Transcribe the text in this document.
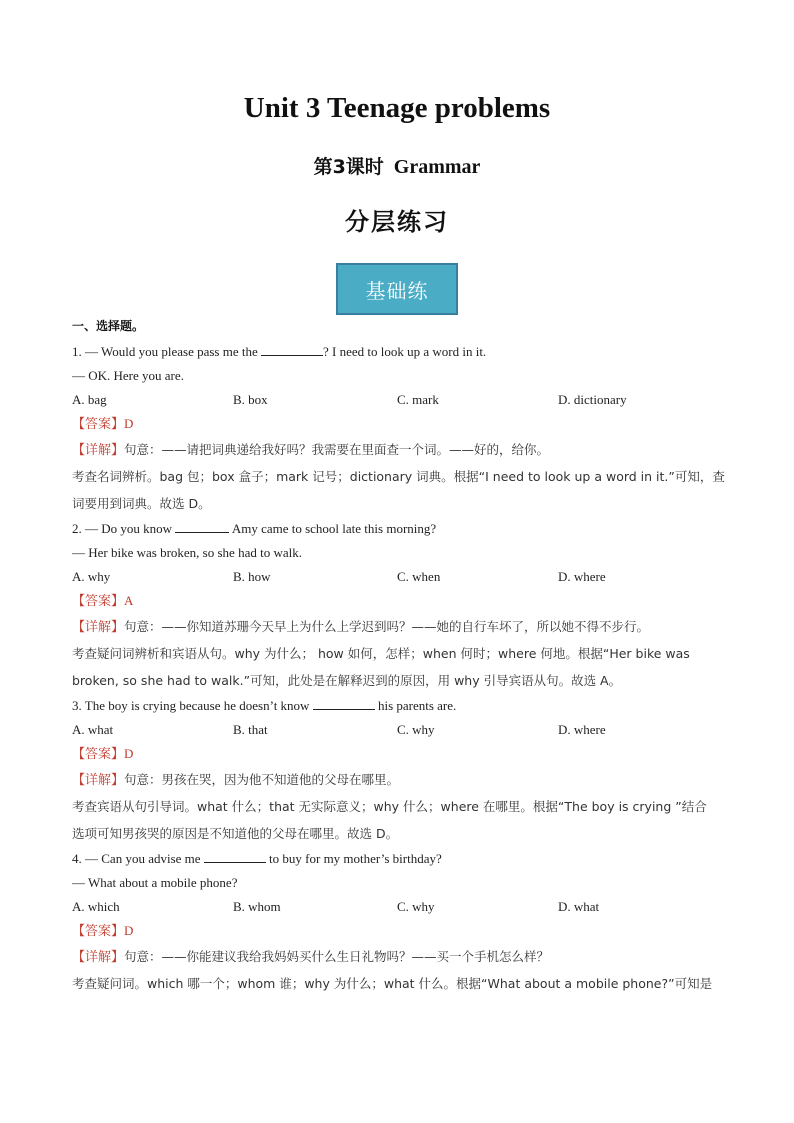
Unit 3 Teenage problems
第3课时 Grammar
分层练习
基础练
一、选择题。
1. — Would you please pass me the	? I need to look up a word in it.
— OK. Here you are.
A. bag	B. box	C. mark	D. dictionary
【答案】D
【详解】句意：——请把词典递给我好吗？我需要在里面查一个词。——好的，给你。
考查名词辨析。bag 包；box 盒子；mark 记号；dictionary 词典。根据“I need to look up a word in it.”可知，查
词要用到词典。故选 D。
2. — Do you know	Amy came to school late this morning?
— Her bike was broken, so she had to walk.
A. why	B. how	C. when	D. where
【答案】A
【详解】句意：——你知道苏珊今天早上为什么上学迟到吗？——她的自行车坏了，所以她不得不步行。
考查疑问词辨析和宾语从句。why 为什么； how 如何，怎样；when 何时；where 何地。根据“Her bike was
broken, so she had to walk.”可知，此处是在解释迟到的原因，用 why 引导宾语从句。故选 A。
3. The boy is crying because he doesn’t know	his parents are.
A. what	B. that	C. why	D. where
【答案】D
【详解】句意：男孩在哭，因为他不知道他的父母在哪里。
考查宾语从句引导词。what 什么；that 无实际意义；why 什么；where 在哪里。根据“The boy is crying ”结合
选项可知男孩哭的原因是不知道他的父母在哪里。故选 D。
4. — Can you advise me	to buy for my mother’s birthday?
— What about a mobile phone?
A. which	B. whom	C. why	D. what
【答案】D
【详解】句意：——你能建议我给我妈妈买什么生日礼物吗？——买一个手机怎么样？
考查疑问词。which 哪一个；whom 谁；why 为什么；what 什么。根据“What about a mobile phone?”可知是
